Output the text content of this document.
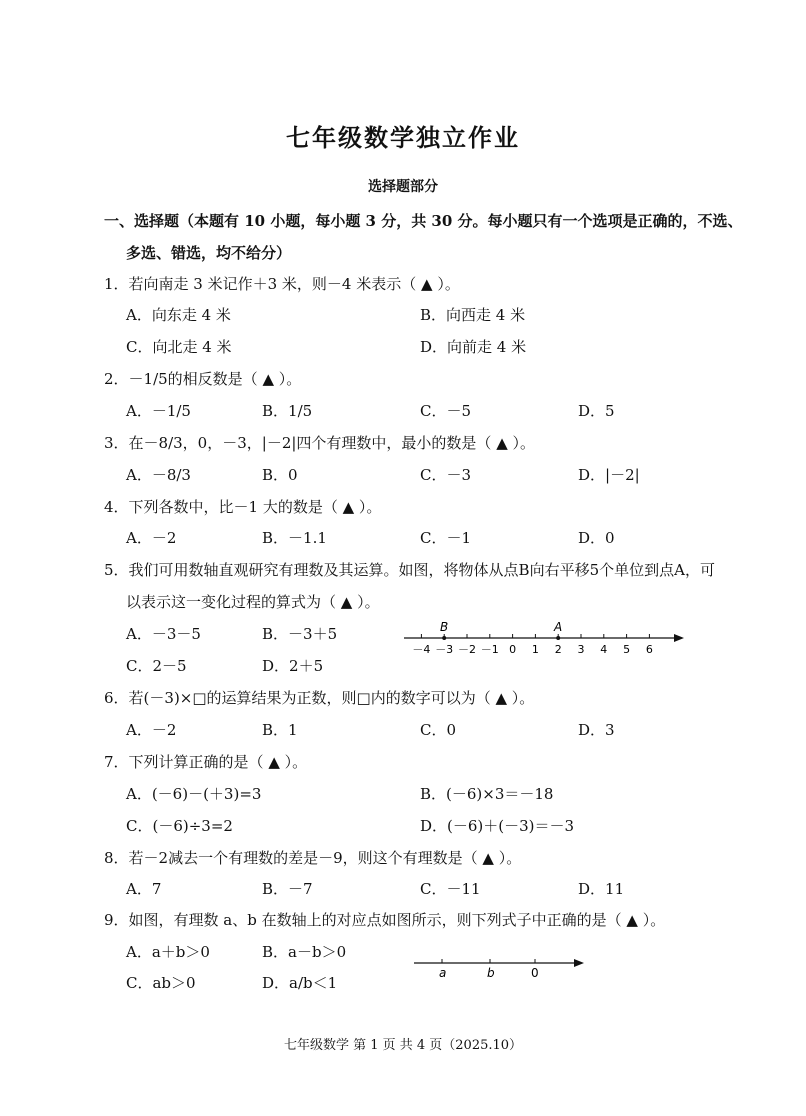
七年级数学独立作业
选择题部分
一、选择题（本题有 10 小题，每小题 3 分，共 30 分。每小题只有一个选项是正确的，不选、
多选、错选，均不给分）
1．若向南走 3 米记作＋3 米，则－4 米表示（ ▲ ）。
A．向东走 4 米	B．向西走 4 米
C．向北走 4 米	D．向前走 4 米
2．－1/5的相反数是（ ▲ ）。
A．－1/5	B．1/5	C．－5	D．5
3．在－8/3，0，－3，|－2|四个有理数中，最小的数是（ ▲ ）。
A．－8/3	B．0	C．－3	D．|－2|
4．下列各数中，比－1 大的数是（ ▲ ）。
A．－2	B．－1.1	C．－1	D．0
5．我们可用数轴直观研究有理数及其运算。如图，将物体从点B向右平移5个单位到点A，可
以表示这一变化过程的算式为（ ▲ ）。
A．－3－5	B．－3＋5
C．2－5	D．2＋5
－4 －3 －2 －1 0 1 2 3 4 5 6
B	A
6．若(－3)×□的运算结果为正数，则□内的数字可以为（ ▲ ）。
A．－2	B．1	C．0	D．3
7．下列计算正确的是（ ▲ ）。
A．(－6)－(＋3)=3	B．(－6)×3＝－18
C．(－6)÷3=2	D．(－6)＋(－3)＝－3
8．若－2减去一个有理数的差是－9，则这个有理数是（ ▲ ）。
A．7	B．－7	C．－11	D．11
9．如图，有理数 a、b 在数轴上的对应点如图所示，则下列式子中正确的是（ ▲ ）。
A．a＋b＞0	B．a－b＞0
C．ab＞0	D．a/b＜1
a	b	0
七年级数学 第 1 页 共 4 页（2025.10）
